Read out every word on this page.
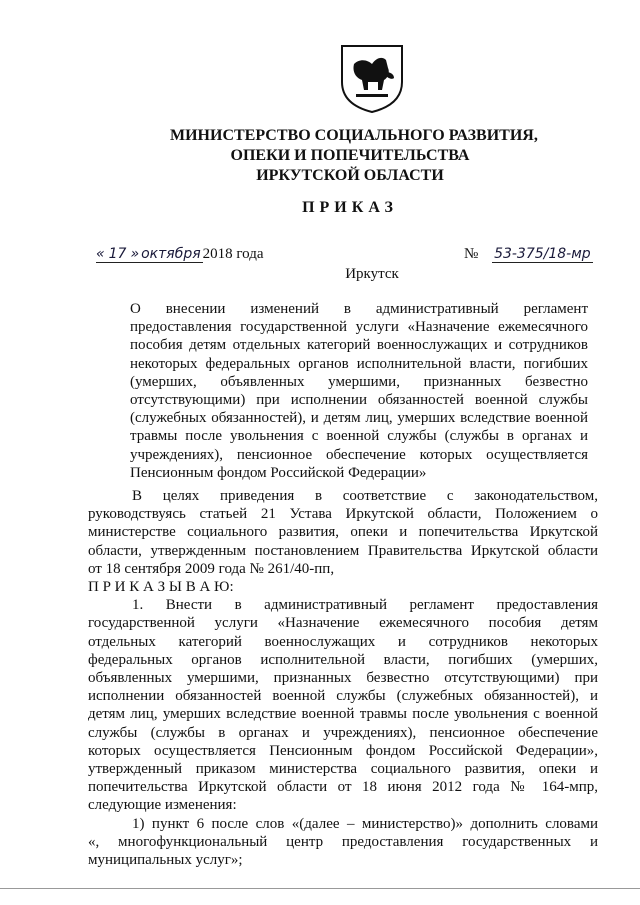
МИНИСТЕРСТВО СОЦИАЛЬНОГО РАЗВИТИЯ,
ОПЕКИ И ПОПЕЧИТЕЛЬСТВА
ИРКУТСКОЙ ОБЛАСТИ
ПРИКАЗ
« 17 » октября 2018 года	№ 53-375/18-мр
Иркутск
О внесении изменений в административный регламент
предоставления государственной услуги «Назначение ежемесячного
пособия детям отдельных категорий военнослужащих и сотрудников
некоторых федеральных органов исполнительной власти, погибших
(умерших, объявленных умершими, признанных безвестно
отсутствующими) при исполнении обязанностей военной службы
(служебных обязанностей), и детям лиц, умерших вследствие военной
травмы после увольнения с военной службы (службы в органах и
учреждениях), пенсионное обеспечение которых осуществляется
Пенсионным фондом Российской Федерации»
В целях приведения в соответствие с законодательством,
руководствуясь статьей 21 Устава Иркутской области, Положением о
министерстве социального развития, опеки и попечительства Иркутской
области, утвержденным постановлением Правительства Иркутской области
от 18 сентября 2009 года № 261/40-пп,
П Р И К А З Ы В А Ю:
1. Внести в административный регламент предоставления
государственной услуги «Назначение ежемесячного пособия детям
отдельных категорий военнослужащих и сотрудников некоторых
федеральных органов исполнительной власти, погибших (умерших,
объявленных умершими, признанных безвестно отсутствующими) при
исполнении обязанностей военной службы (служебных обязанностей), и
детям лиц, умерших вследствие военной травмы после увольнения с военной
службы (службы в органах и учреждениях), пенсионное обеспечение
которых осуществляется Пенсионным фондом Российской Федерации»,
утвержденный приказом министерства социального развития, опеки и
попечительства Иркутской области от 18 июня 2012 года № 164-мпр,
следующие изменения:
1) пункт 6 после слов «(далее – министерство)» дополнить словами
«, многофункциональный центр предоставления государственных и
муниципальных услуг»;
